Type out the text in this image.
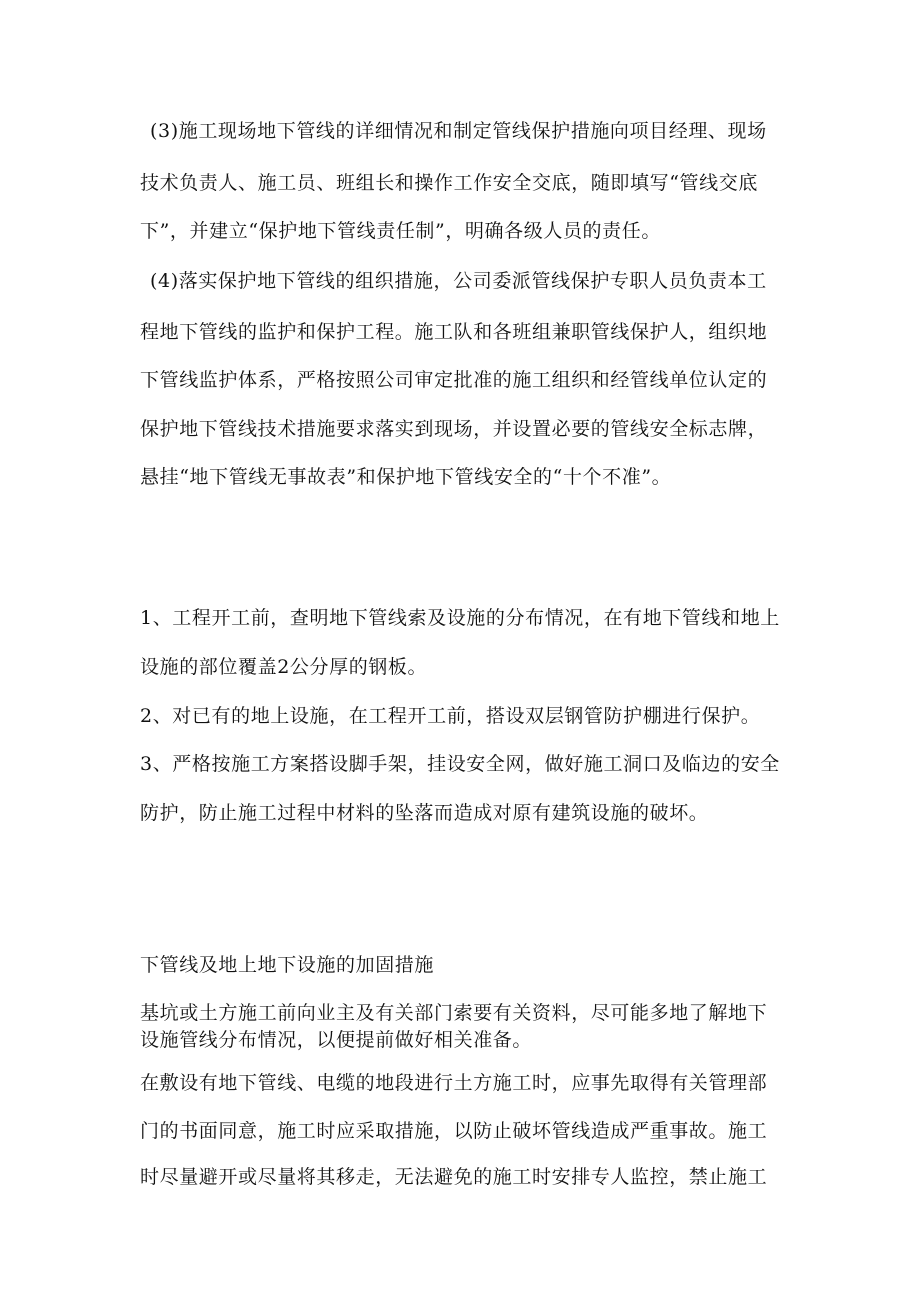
(3)施工现场地下管线的详细情况和制定管线保护措施向项目经理、现场
技术负责人、施工员、班组长和操作工作安全交底，随即填写“管线交底
下”，并建立“保护地下管线责任制”，明确各级人员的责任。
(4)落实保护地下管线的组织措施，公司委派管线保护专职人员负责本工
程地下管线的监护和保护工程。施工队和各班组兼职管线保护人，组织地
下管线监护体系，严格按照公司审定批准的施工组织和经管线单位认定的
保护地下管线技术措施要求落实到现场，并设置必要的管线安全标志牌，
悬挂“地下管线无事故表”和保护地下管线安全的“十个不准”。
1、工程开工前，查明地下管线索及设施的分布情况，在有地下管线和地上
设施的部位覆盖2公分厚的钢板。
2、对已有的地上设施，在工程开工前，搭设双层钢管防护棚进行保护。
3、严格按施工方案搭设脚手架，挂设安全网，做好施工洞口及临边的安全
防护，防止施工过程中材料的坠落而造成对原有建筑设施的破坏。
下管线及地上地下设施的加固措施
基坑或土方施工前向业主及有关部门索要有关资料，尽可能多地了解地下
设施管线分布情况，以便提前做好相关准备。
在敷设有地下管线、电缆的地段进行土方施工时，应事先取得有关管理部
门的书面同意，施工时应采取措施，以防止破坏管线造成严重事故。施工
时尽量避开或尽量将其移走，无法避免的施工时安排专人监控，禁止施工
